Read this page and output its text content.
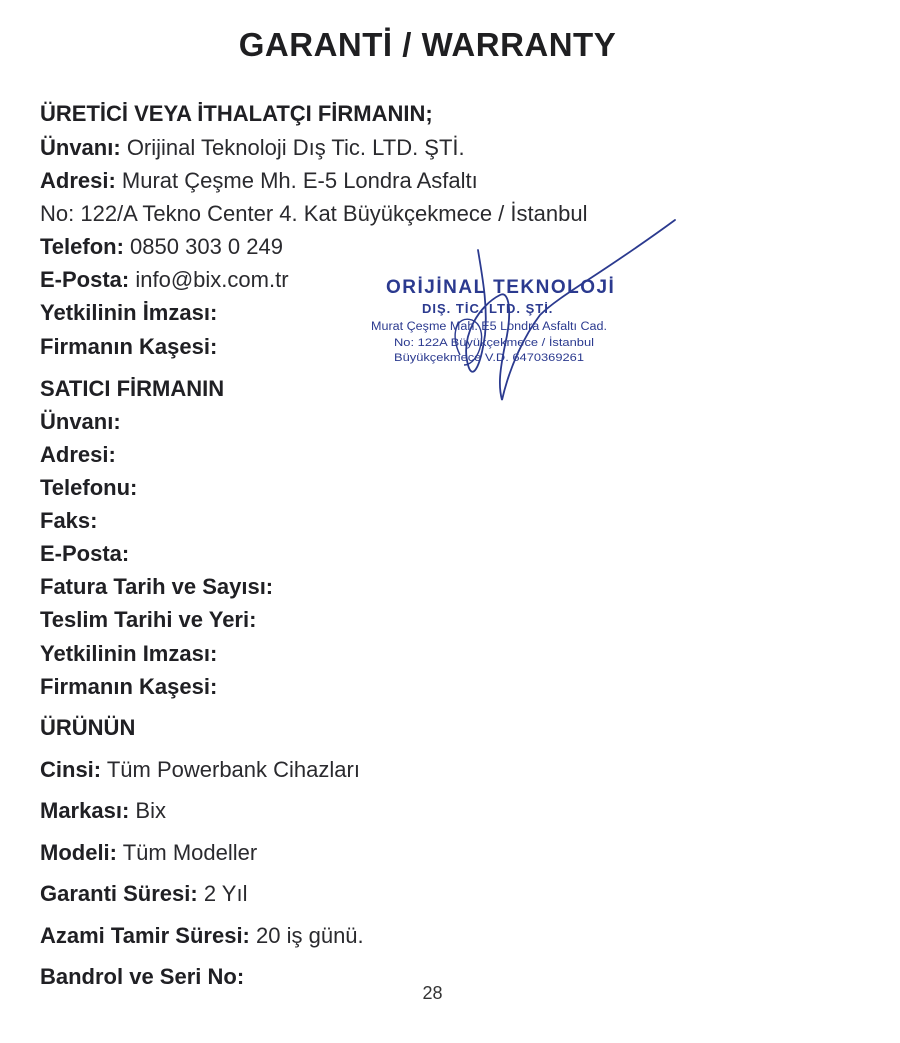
GARANTİ / WARRANTY
ÜRETİCİ VEYA İTHALATÇI FİRMANIN;
Ünvanı: Orijinal Teknoloji Dış Tic. LTD. ŞTİ.
Adresi: Murat Çeşme Mh. E-5 Londra Asfaltı
No: 122/A Tekno Center 4. Kat Büyükçekmece / İstanbul
Telefon: 0850 303 0 249
E-Posta: info@bix.com.tr
Yetkilinin İmzası:
Firmanın Kaşesi:
ORİJİNAL TEKNOLOJİ
DIŞ. TİC. LTD. ŞTİ.
Murat Çeşme Mah. E5 Londra Asfaltı Cad.
No: 122A Büyükçekmece / İstanbul
Büyükçekmece V.D. 6470369261
SATICI FİRMANIN
Ünvanı:
Adresi:
Telefonu:
Faks:
E-Posta:
Fatura Tarih ve Sayısı:
Teslim Tarihi ve Yeri:
Yetkilinin Imzası:
Firmanın Kaşesi:
ÜRÜNÜN
Cinsi: Tüm Powerbank Cihazları
Markası: Bix
Modeli: Tüm Modeller
Garanti Süresi: 2 Yıl
Azami Tamir Süresi: 20 iş günü.
Bandrol ve Seri No:
28
